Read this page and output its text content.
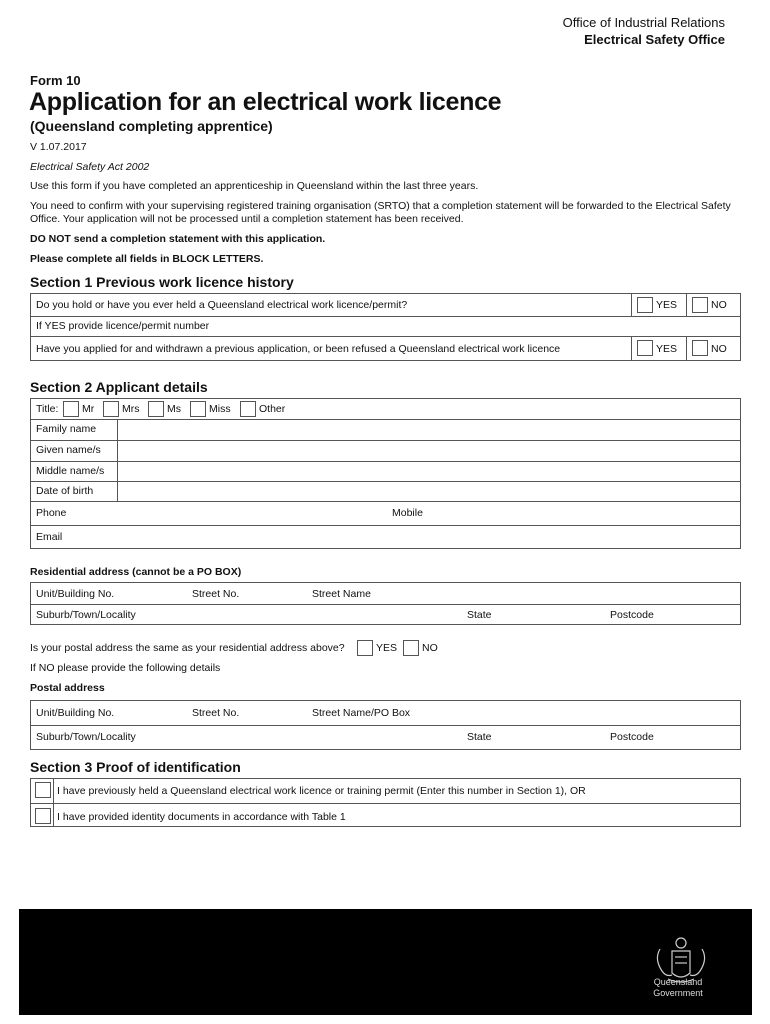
Office of Industrial Relations
Electrical Safety Office
Form 10
Application for an electrical work licence
(Queensland completing apprentice)
V 1.07.2017
Electrical Safety Act 2002
Use this form if you have completed an apprenticeship in Queensland within the last three years.
You need to confirm with your supervising registered training organisation (SRTO) that a completion statement will be forwarded to the Electrical Safety Office. Your application will not be processed until a completion statement has been received.
DO NOT send a completion statement with this application.
Please complete all fields in BLOCK LETTERS.
Section 1 Previous work licence history
Do you hold or have you ever held a Queensland electrical work licence/permit?	YES	NO
If YES provide licence/permit number
Have you applied for and withdrawn a previous application, or been refused a Queensland electrical work licence	YES	NO
Section 2 Applicant details
Title: Mr	Mrs	Ms	Miss	Other
Family name
Given name/s
Middle name/s
Date of birth
Phone	Mobile
Email
Residential address (cannot be a PO BOX)
Unit/Building No.	Street No.	Street Name
Suburb/Town/Locality	State	Postcode
Is your postal address the same as your residential address above?	YES NO
If NO please provide the following details
Postal address
Unit/Building No.	Street No.	Street Name/PO Box
Suburb/Town/Locality	State	Postcode
Section 3 Proof of identification
I have previously held a Queensland electrical work licence or training permit (Enter this number in Section 1), OR
I have provided identity documents in accordance with Table 1
Queensland
Government
